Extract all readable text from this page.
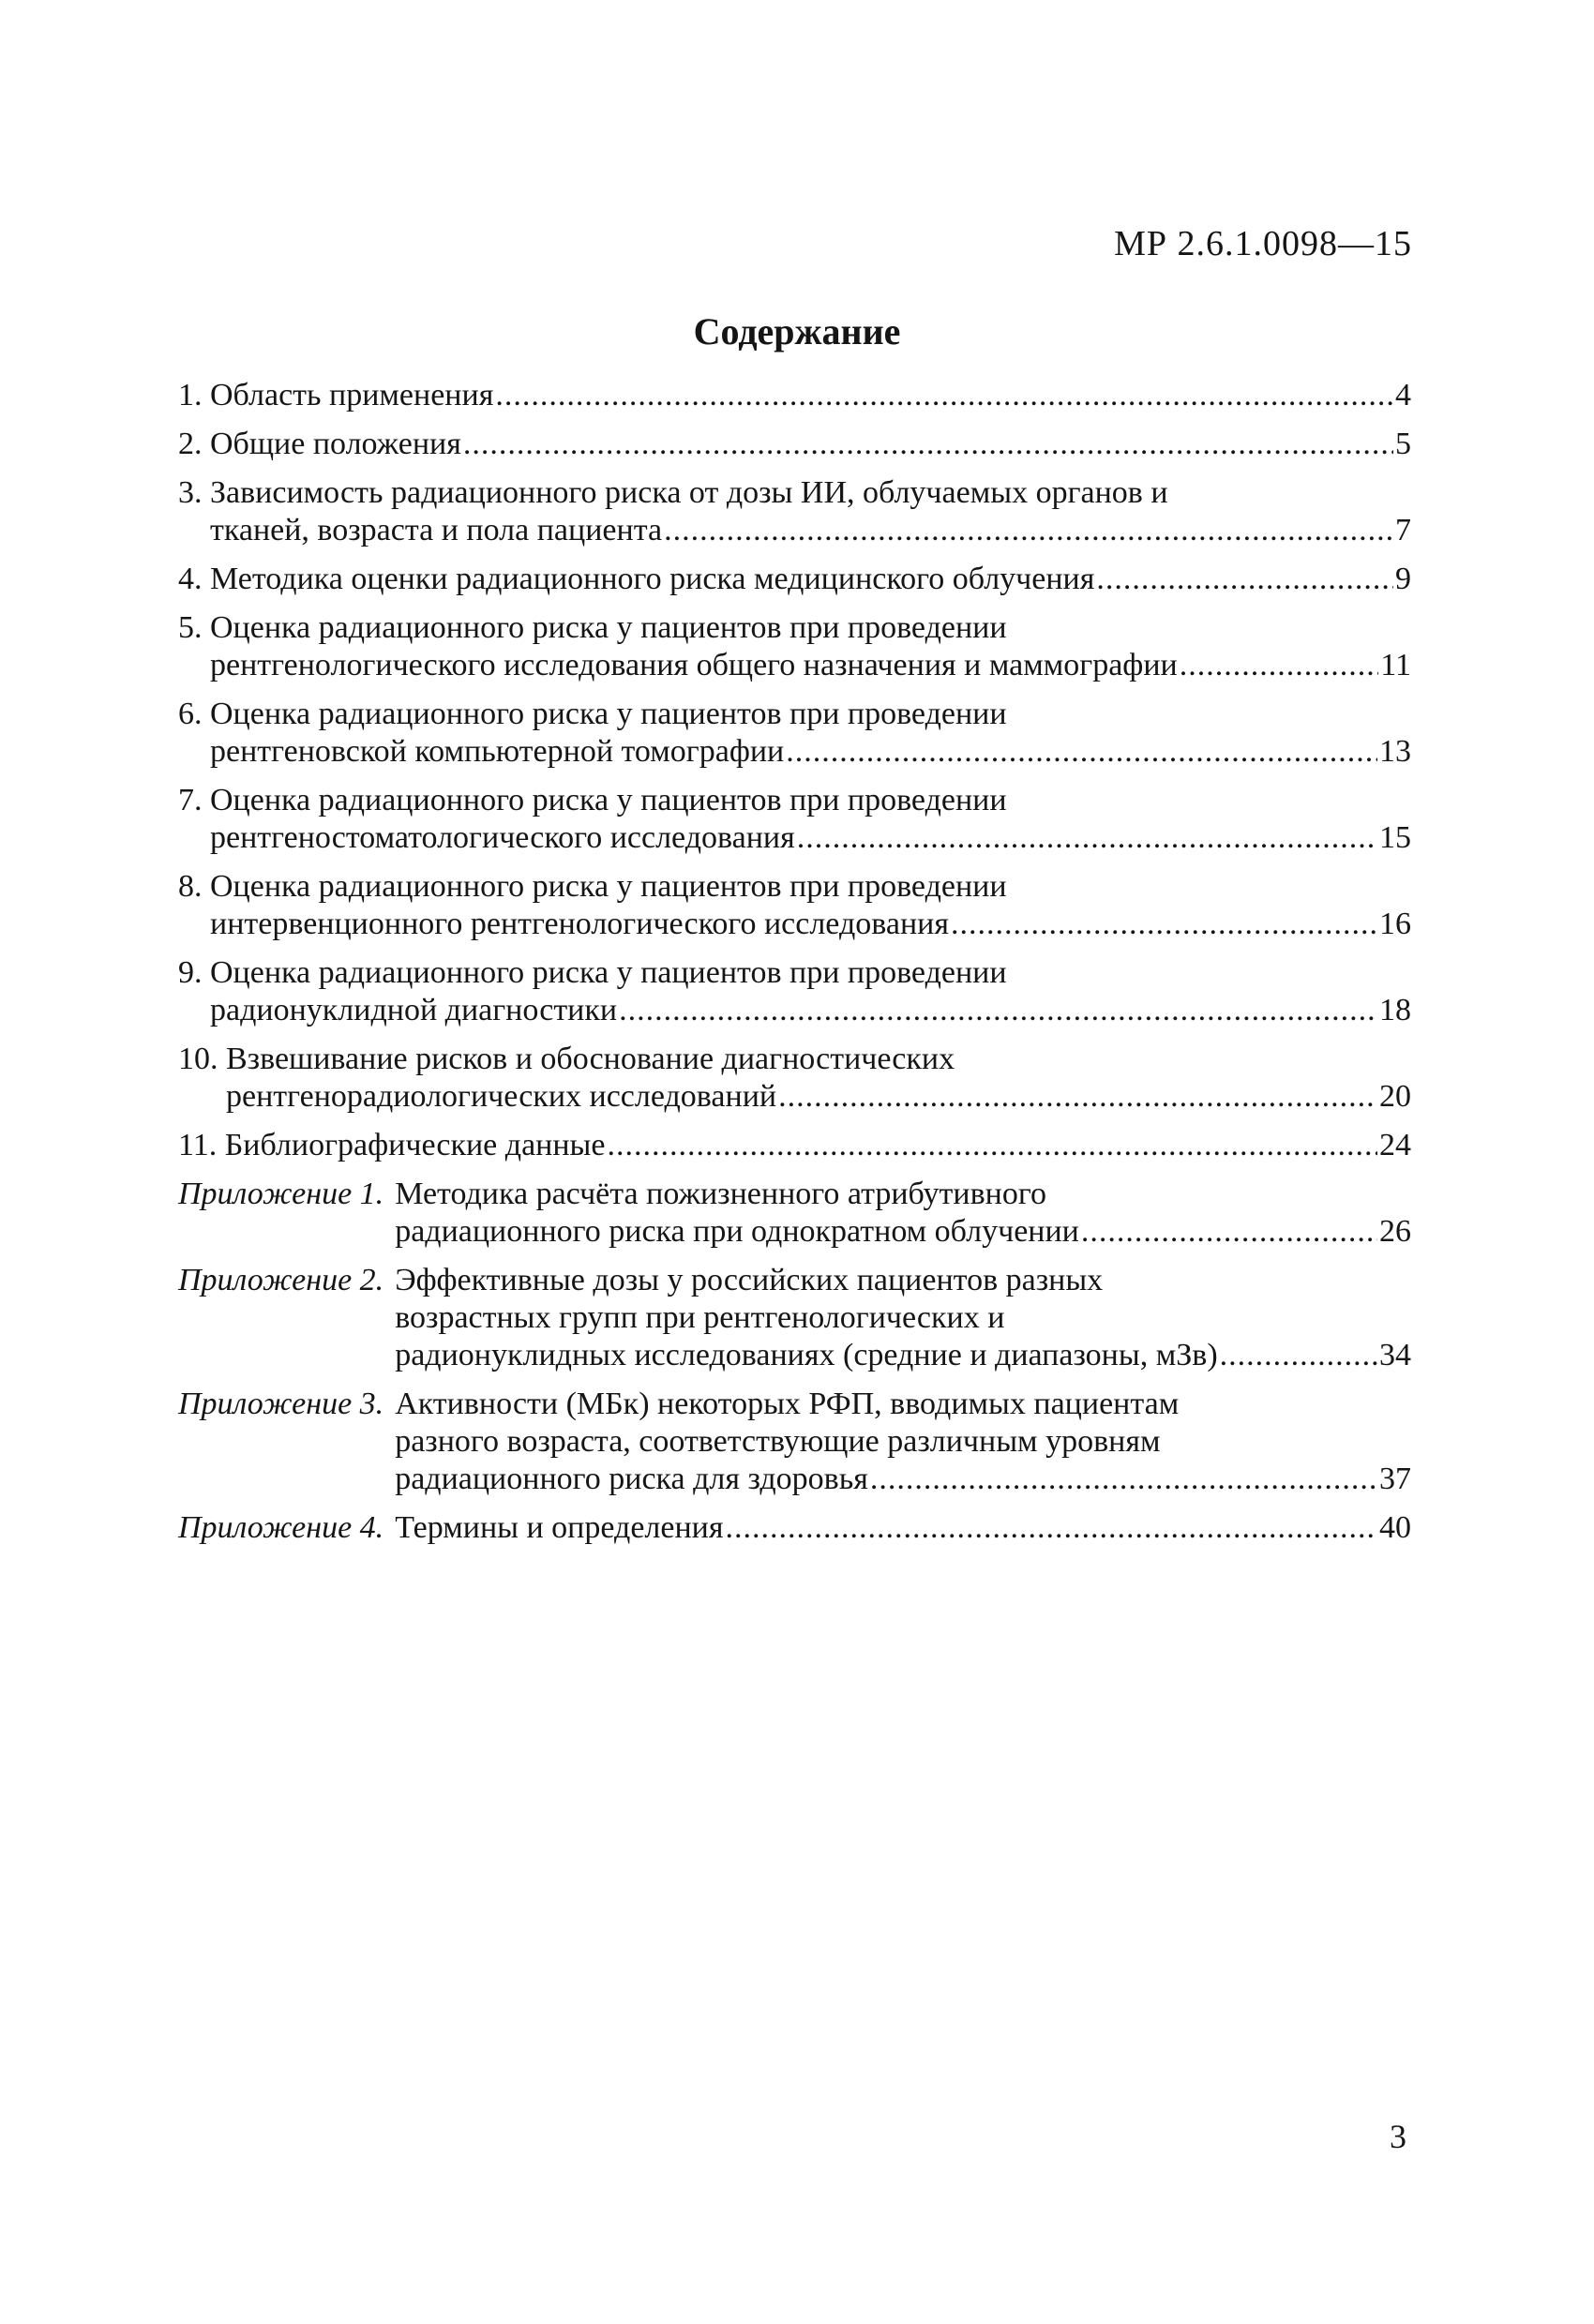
МР 2.6.1.0098—15
Содержание
1. Область применения .....	4
2. Общие положения .....	5
3. Зависимость радиационного риска от дозы ИИ, облучаемых органов и
тканей, возраста и пола пациента .....	7
4. Методика оценки радиационного риска медицинского облучения .....	9
5. Оценка радиационного риска у пациентов при проведении
рентгенологического исследования общего назначения и маммографии .....	11
6. Оценка радиационного риска у пациентов при проведении
рентгеновской компьютерной томографии .....	13
7. Оценка радиационного риска у пациентов при проведении
рентгеностоматологического исследования .....	15
8. Оценка радиационного риска у пациентов при проведении
интервенционного рентгенологического исследования .....	16
9. Оценка радиационного риска у пациентов при проведении
радионуклидной диагностики .....	18
10. Взвешивание рисков и обоснование диагностических
рентгенорадиологических исследований .....	20
11. Библиографические данные .....	24
Приложение 1. Методика расчёта пожизненного атрибутивного
радиационного риска при однократном облучении .....	26
Приложение 2. Эффективные дозы у российских пациентов разных
возрастных групп при рентгенологических и
радионуклидных исследованиях (средние и диапазоны, мЗв) .....	34
Приложение 3. Активности (МБк) некоторых РФП, вводимых пациентам
разного возраста, соответствующие различным уровням
радиационного риска для здоровья .....	37
Приложение 4. Термины и определения .....	40
3
